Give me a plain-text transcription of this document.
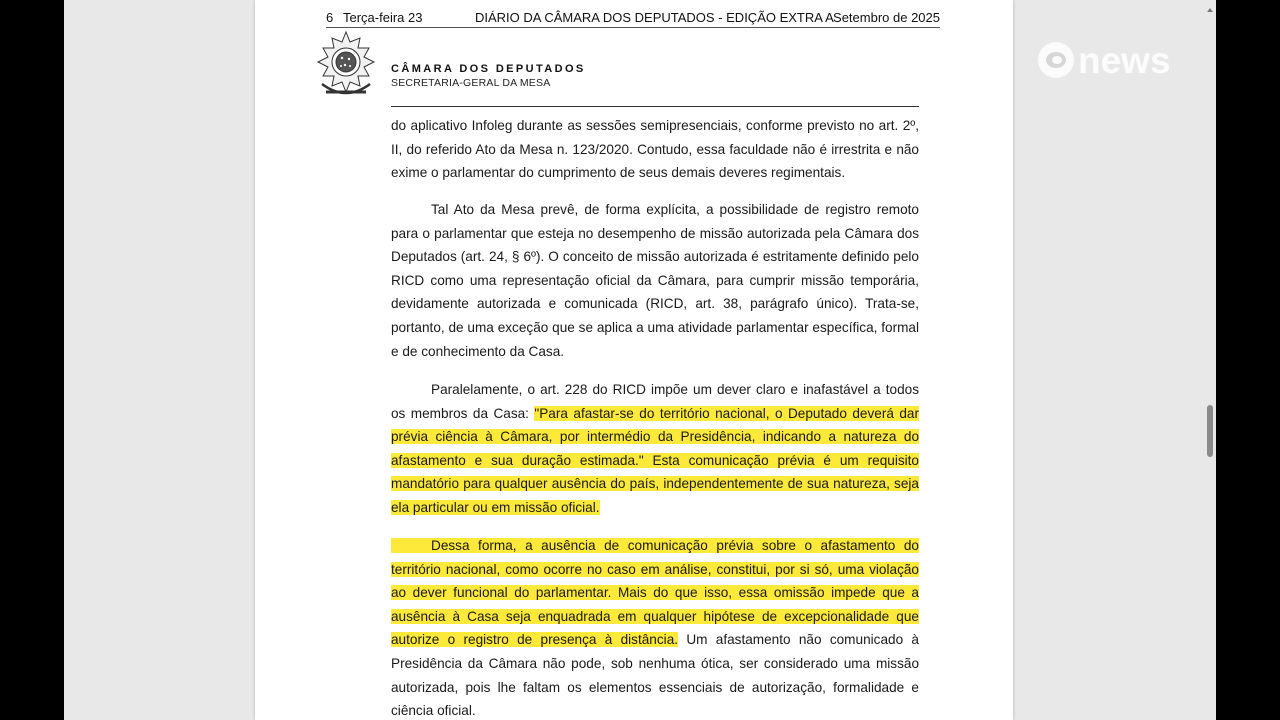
6 Terça-feira 23	DIÁRIO DA CÂMARA DOS DEPUTADOS - EDIÇÃO EXTRA A Setembro de 2025
CÂMARA DOS DEPUTADOS
SECRETARIA-GERAL DA MESA

do aplicativo Infoleg durante as sessões semipresenciais, conforme previsto no art. 2º, II, do referido Ato da Mesa n. 123/2020. Contudo, essa faculdade não é irrestrita e não exime o parlamentar do cumprimento de seus demais deveres regimentais.

Tal Ato da Mesa prevê, de forma explícita, a possibilidade de registro remoto para o parlamentar que esteja no desempenho de missão autorizada pela Câmara dos Deputados (art. 24, § 6º). O conceito de missão autorizada é estritamente definido pelo RICD como uma representação oficial da Câmara, para cumprir missão temporária, devidamente autorizada e comunicada (RICD, art. 38, parágrafo único). Trata-se, portanto, de uma exceção que se aplica a uma atividade parlamentar específica, formal e de conhecimento da Casa.

Paralelamente, o art. 228 do RICD impõe um dever claro e inafastável a todos os membros da Casa: "Para afastar-se do território nacional, o Deputado deverá dar prévia ciência à Câmara, por intermédio da Presidência, indicando a natureza do afastamento e sua duração estimada." Esta comunicação prévia é um requisito mandatório para qualquer ausência do país, independentemente de sua natureza, seja ela particular ou em missão oficial.

Dessa forma, a ausência de comunicação prévia sobre o afastamento do território nacional, como ocorre no caso em análise, constitui, por si só, uma violação ao dever funcional do parlamentar. Mais do que isso, essa omissão impede que a ausência à Casa seja enquadrada em qualquer hipótese de excepcionalidade que autorize o registro de presença à distância. Um afastamento não comunicado à Presidência da Câmara não pode, sob nenhuma ótica, ser considerado uma missão autorizada, pois lhe faltam os elementos essenciais de autorização, formalidade e ciência oficial.

news
